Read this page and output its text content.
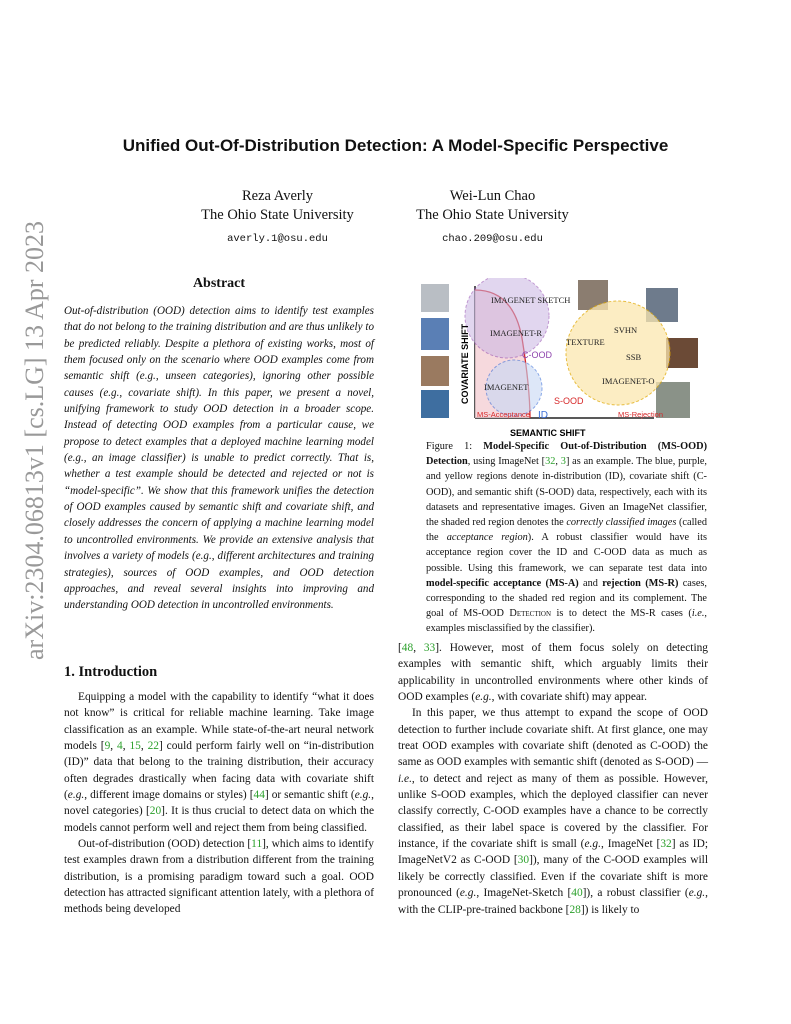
arXiv:2304.06813v1 [cs.LG] 13 Apr 2023
Unified Out-Of-Distribution Detection: A Model-Specific Perspective
Reza Averly
The Ohio State University
averly.1@osu.edu
Wei-Lun Chao
The Ohio State University
chao.209@osu.edu
Abstract
Out-of-distribution (OOD) detection aims to identify test examples that do not belong to the training distribution and are thus unlikely to be predicted reliably. Despite a plethora of existing works, most of them focused only on the scenario where OOD examples come from semantic shift (e.g., unseen categories), ignoring other possible causes (e.g., covariate shift). In this paper, we present a novel, unifying framework to study OOD detection in a broader scope. Instead of detecting OOD examples from a particular cause, we propose to detect examples that a deployed machine learning model (e.g., an image classifier) is unable to predict correctly. That is, whether a test example should be detected and rejected or not is “model-specific”. We show that this framework unifies the detection of OOD examples caused by semantic shift and covariate shift, and closely addresses the concern of applying a machine learning model to uncontrolled environments. We provide an extensive analysis that involves a variety of models (e.g., different architectures and training strategies), sources of OOD examples, and OOD detection approaches, and reveal several insights into improving and understanding OOD detection in uncontrolled environments.
1. Introduction

Equipping a model with the capability to identify “what it does not know” is critical for reliable machine learning. Take image classification as an example. While state-of-the-art neural network models [9, 4, 15, 22] could perform fairly well on “in-distribution (ID)” data that belong to the training distribution, their accuracy often degrades drastically when facing data with covariate shift (e.g., different image domains or styles) [44] or semantic shift (e.g., novel categories) [20]. It is thus crucial to detect data on which the models cannot perform well and reject them from being classified.

Out-of-distribution (OOD) detection [11], which aims to identify test examples drawn from a distribution different from the training distribution, is a promising paradigm toward such a goal. OOD detection has attracted significant attention lately, with a plethora of methods being developed

IMAGENET SKETCH
IMAGENET-R
IMAGENET
TEXTURE
SVHN
SSB
IMAGENET-O
C-OOD
ID
S-OOD
MS-Acceptance	MS-Rejection
SEMANTIC SHIFT
COVARIATE SHIFT
Figure 1: Model-Specific Out-of-Distribution (MS-OOD) Detection, using ImageNet [32, 3] as an example. The blue, purple, and yellow regions denote in-distribution (ID), covariate shift (C-OOD), and semantic shift (S-OOD) data, respectively, each with its datasets and representative images. Given an ImageNet classifier, the shaded red region denotes the correctly classified images (called the acceptance region). A robust classifier would have its acceptance region cover the ID and C-OOD data as much as possible. Using this framework, we can separate test data into model-specific acceptance (MS-A) and rejection (MS-R) cases, corresponding to the shaded red region and its complement. The goal of MS-OOD Detection is to detect the MS-R cases (i.e., examples misclassified by the classifier).

[48, 33]. However, most of them focus solely on detecting examples with semantic shift, which arguably limits their applicability in uncontrolled environments where other kinds of OOD examples (e.g., with covariate shift) may appear.

In this paper, we thus attempt to expand the scope of OOD detection to further include covariate shift. At first glance, one may treat OOD examples with covariate shift (denoted as C-OOD) the same as OOD examples with semantic shift (denoted as S-OOD) — i.e., to detect and reject as many of them as possible. However, unlike S-OOD examples, which the deployed classifier can never classify correctly, C-OOD examples have a chance to be correctly classified, as their label space is covered by the classifier. For instance, if the covariate shift is small (e.g., ImageNet [32] as ID; ImageNetV2 as C-OOD [30]), many of the C-OOD examples will likely be correctly classified. Even if the covariate shift is more pronounced (e.g., ImageNet-Sketch [40]), a robust classifier (e.g., with the CLIP-pre-trained backbone [28]) is likely to
